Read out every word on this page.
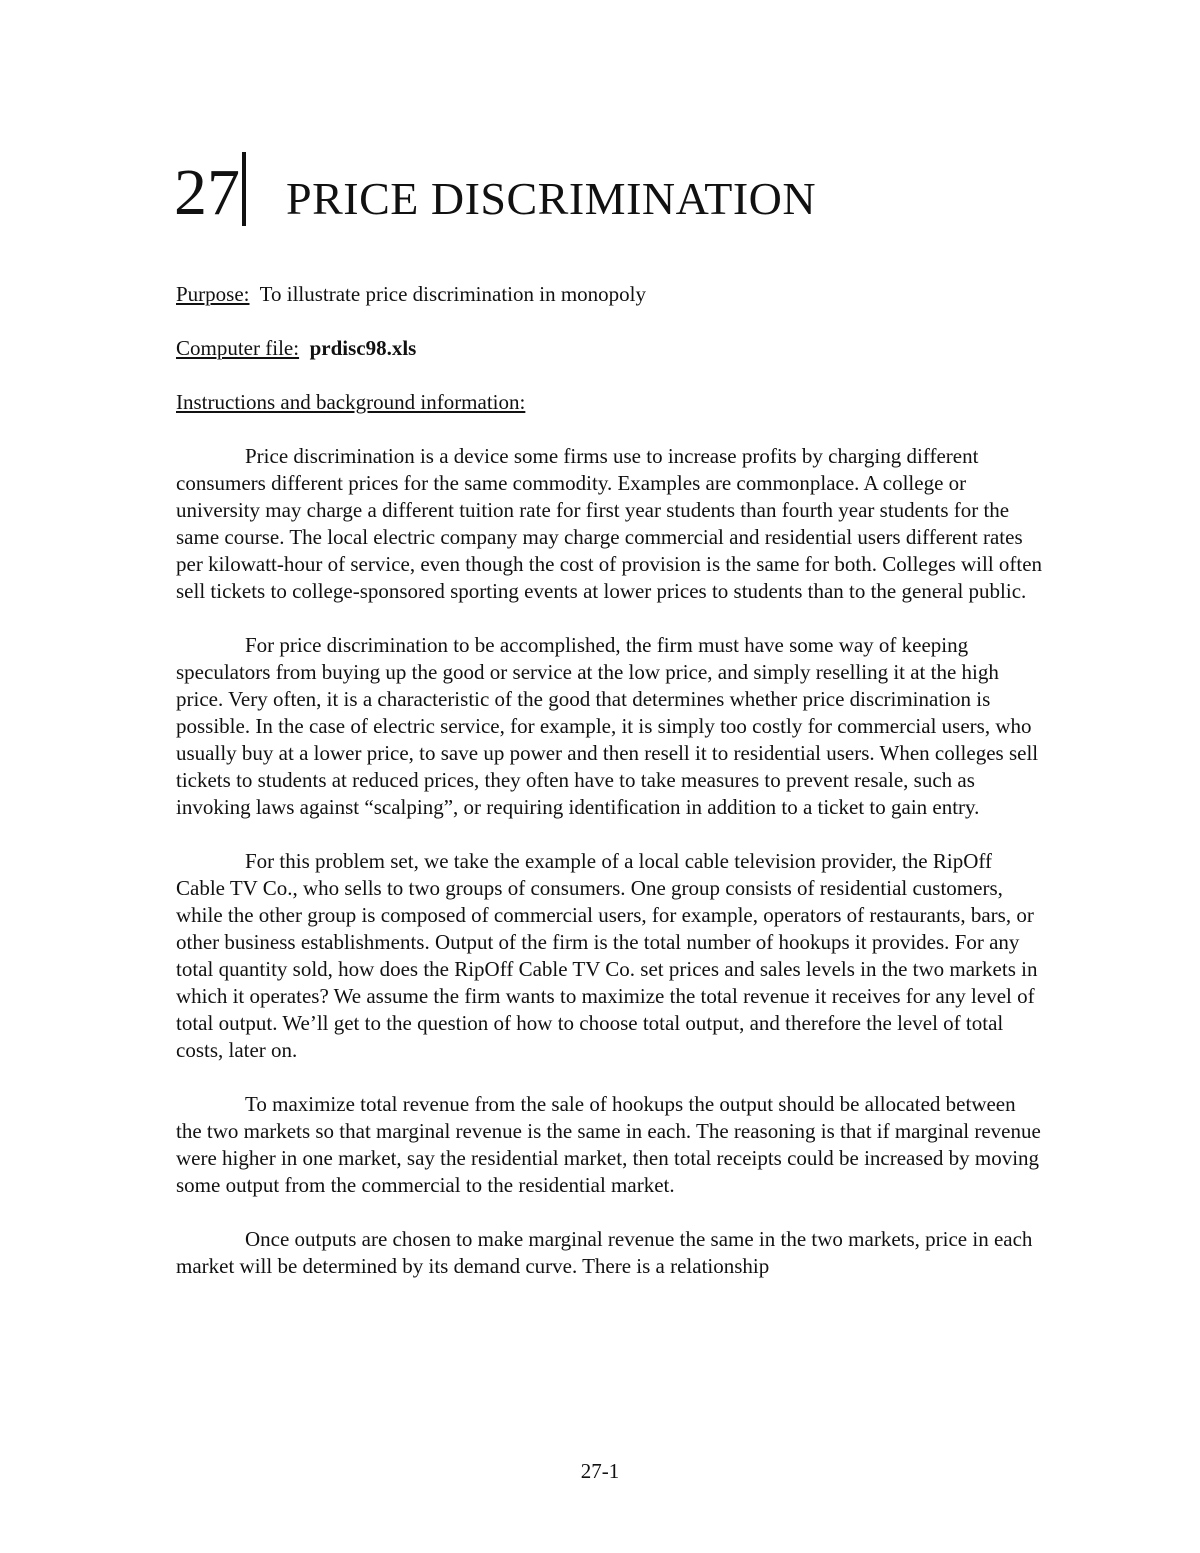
27 PRICE DISCRIMINATION

Purpose: To illustrate price discrimination in monopoly

Computer file: prdisc98.xls

Instructions and background information:

Price discrimination is a device some firms use to increase profits by charging different consumers different prices for the same commodity. Examples are commonplace. A college or university may charge a different tuition rate for first year students than fourth year students for the same course. The local electric company may charge commercial and residential users different rates per kilowatt-hour of service, even though the cost of provision is the same for both. Colleges will often sell tickets to college-sponsored sporting events at lower prices to students than to the general public.

For price discrimination to be accomplished, the firm must have some way of keeping speculators from buying up the good or service at the low price, and simply reselling it at the high price. Very often, it is a characteristic of the good that determines whether price discrimination is possible. In the case of electric service, for example, it is simply too costly for commercial users, who usually buy at a lower price, to save up power and then resell it to residential users. When colleges sell tickets to students at reduced prices, they often have to take measures to prevent resale, such as invoking laws against “scalping”, or requiring identification in addition to a ticket to gain entry.

For this problem set, we take the example of a local cable television provider, the RipOff Cable TV Co., who sells to two groups of consumers. One group consists of residential customers, while the other group is composed of commercial users, for example, operators of restaurants, bars, or other business establishments. Output of the firm is the total number of hookups it provides. For any total quantity sold, how does the RipOff Cable TV Co. set prices and sales levels in the two markets in which it operates? We assume the firm wants to maximize the total revenue it receives for any level of total output. We’ll get to the question of how to choose total output, and therefore the level of total costs, later on.

To maximize total revenue from the sale of hookups the output should be allocated between the two markets so that marginal revenue is the same in each. The reasoning is that if marginal revenue were higher in one market, say the residential market, then total receipts could be increased by moving some output from the commercial to the residential market.

Once outputs are chosen to make marginal revenue the same in the two markets, price in each market will be determined by its demand curve. There is a relationship

27-1
